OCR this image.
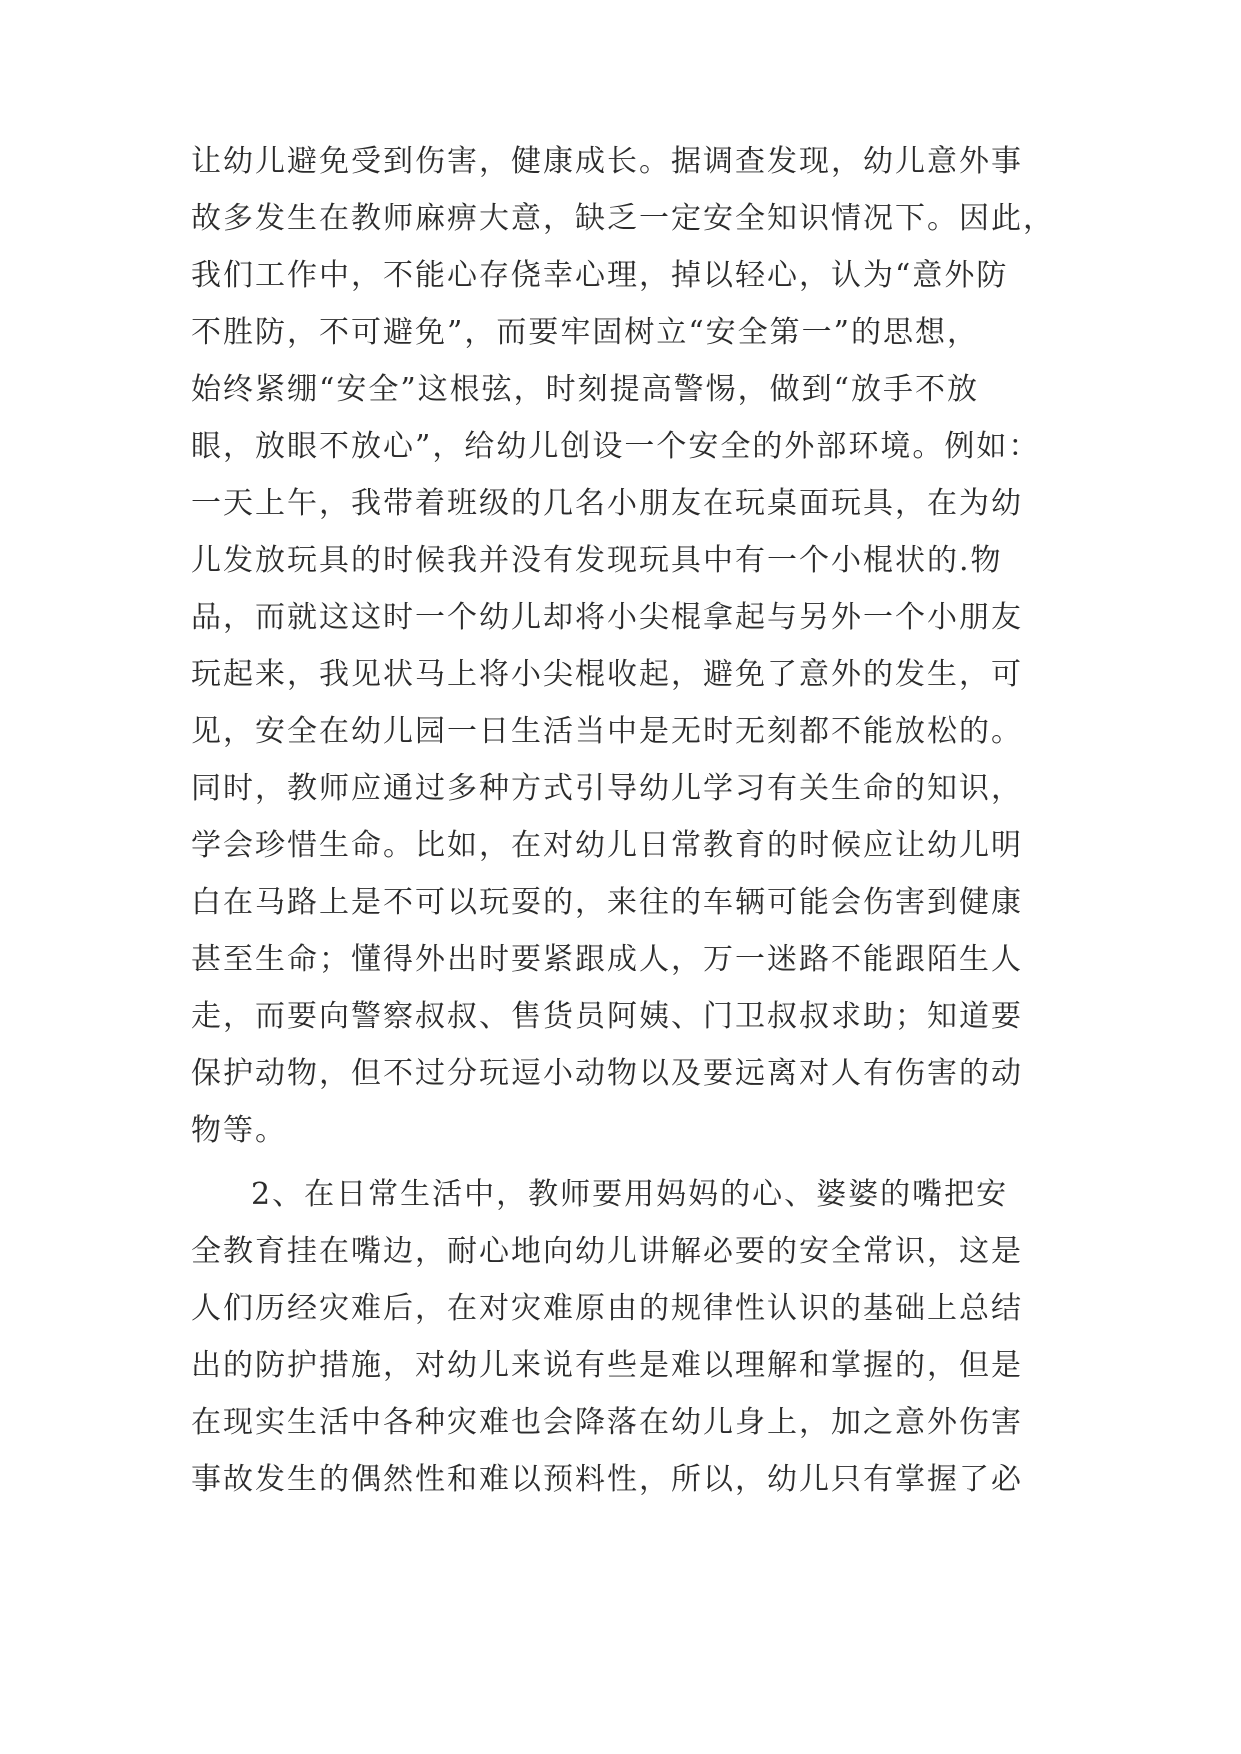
让幼儿避免受到伤害，健康成长。据调查发现，幼儿意外事
故多发生在教师麻痹大意，缺乏一定安全知识情况下。因此，
我们工作中，不能心存侥幸心理，掉以轻心，认为“意外防
不胜防，不可避免”，而要牢固树立“安全第一”的思想，
始终紧绷“安全”这根弦，时刻提高警惕，做到“放手不放
眼，放眼不放心”，给幼儿创设一个安全的外部环境。例如：
一天上午，我带着班级的几名小朋友在玩桌面玩具，在为幼
儿发放玩具的时候我并没有发现玩具中有一个小棍状的.物
品，而就这这时一个幼儿却将小尖棍拿起与另外一个小朋友
玩起来，我见状马上将小尖棍收起，避免了意外的发生，可
见，安全在幼儿园一日生活当中是无时无刻都不能放松的。
同时，教师应通过多种方式引导幼儿学习有关生命的知识，
学会珍惜生命。比如，在对幼儿日常教育的时候应让幼儿明
白在马路上是不可以玩耍的，来往的车辆可能会伤害到健康
甚至生命；懂得外出时要紧跟成人，万一迷路不能跟陌生人
走，而要向警察叔叔、售货员阿姨、门卫叔叔求助；知道要
保护动物，但不过分玩逗小动物以及要远离对人有伤害的动
物等。
2、在日常生活中，教师要用妈妈的心、婆婆的嘴把安
全教育挂在嘴边，耐心地向幼儿讲解必要的安全常识，这是
人们历经灾难后，在对灾难原由的规律性认识的基础上总结
出的防护措施，对幼儿来说有些是难以理解和掌握的，但是
在现实生活中各种灾难也会降落在幼儿身上，加之意外伤害
事故发生的偶然性和难以预料性，所以，幼儿只有掌握了必
